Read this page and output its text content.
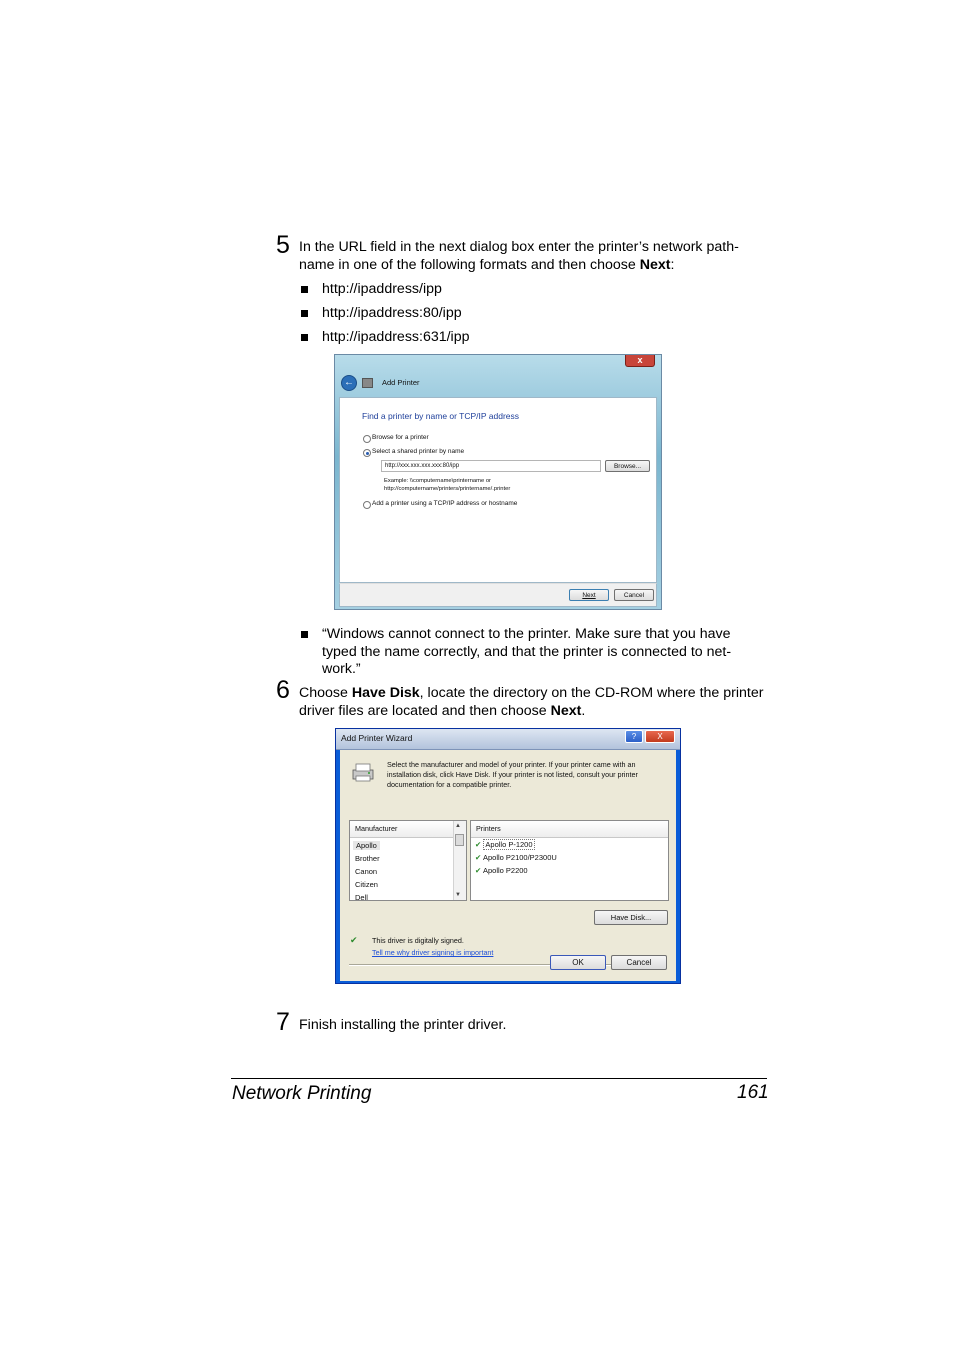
5 In the URL field in the next dialog box enter the printer’s network path-
name in one of the following formats and then choose Next:
http://ipaddress/ipp
http://ipaddress:80/ipp
http://ipaddress:631/ipp
x
←	Add Printer
Find a printer by name or TCP/IP address
Browse for a printer
Select a shared printer by name
http://xxx.xxx.xxx.xxx:80/ipp	Browse...
Example: \\computername\printername or
http://computername/printers/printername/.printer
Add a printer using a TCP/IP address or hostname
Next	Cancel
“Windows cannot connect to the printer. Make sure that you have
typed the name correctly, and that the printer is connected to net-
work.”
6 Choose Have Disk, locate the directory on the CD-ROM where the printer
driver files are located and then choose Next.
Add Printer Wizard	?	X
Select the manufacturer and model of your printer. If your printer came with an installation disk, click Have Disk. If your printer is not listed, consult your printer documentation for a compatible printer.
Manufacturer
Apollo
Brother
Canon
Citizen
Dell
▲
▼
Printers
✔ Apollo P-1200
✔ Apollo P2100/P2300U
✔ Apollo P2200
✔ This driver is digitally signed.
Tell me why driver signing is important
Have Disk...
OK	Cancel
7 Finish installing the printer driver.
Network Printing	161
